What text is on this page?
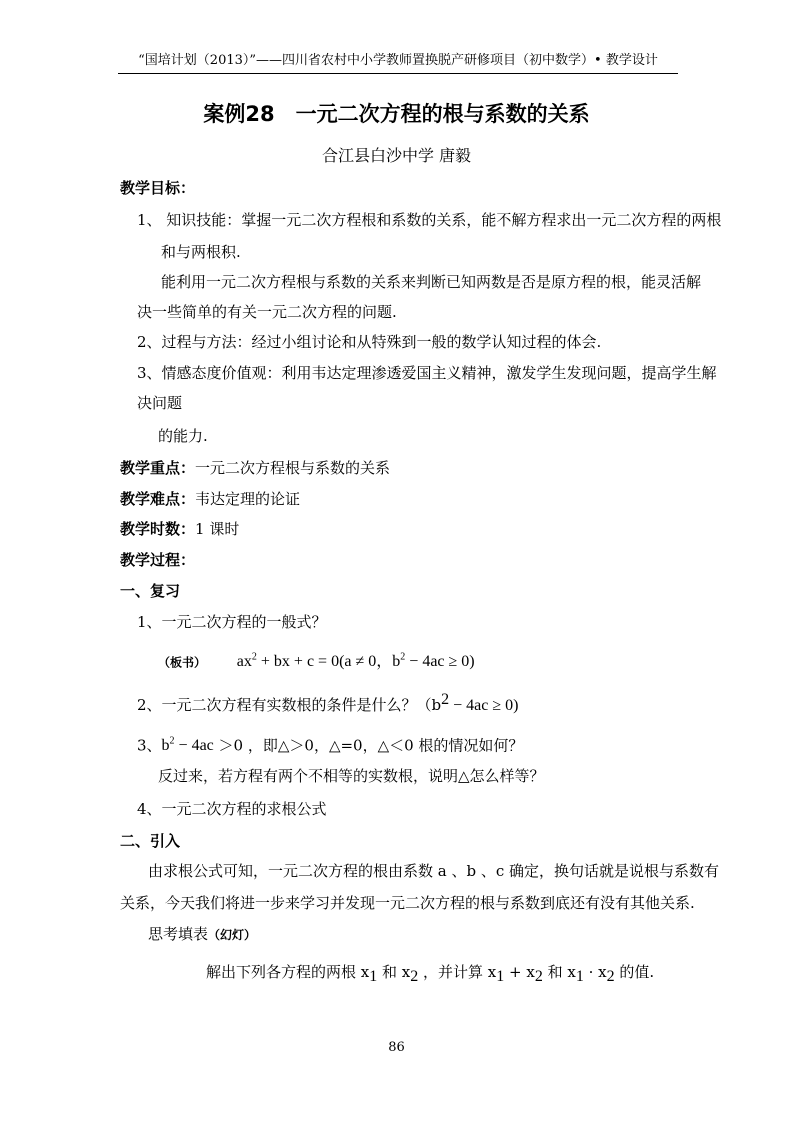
“国培计划（2013）”——四川省农村中小学教师置换脱产研修项目（初中数学）• 教学设计
案例28　一元二次方程的根与系数的关系
合江县白沙中学 唐毅
教学目标：
1、 知识技能：掌握一元二次方程根和系数的关系，能不解方程求出一元二次方程的两根
和与两根积.
能利用一元二次方程根与系数的关系来判断已知两数是否是原方程的根，能灵活解
决一些简单的有关一元二次方程的问题.
2、过程与方法：经过小组讨论和从特殊到一般的数学认知过程的体会.
3、情感态度价值观：利用韦达定理渗透爱国主义精神，激发学生发现问题，提高学生解
决问题
的能力.
教学重点：一元二次方程根与系数的关系
教学难点：韦达定理的论证
教学时数：1 课时
教学过程：
一、复习
1、一元二次方程的一般式？
（板书） $ax^2$ + bx + c = 0(a ≠ 0，$b^2 - 4ac \ge 0$)
2、一元二次方程有实数根的条件是什么？$(b^2 - 4ac \ge 0)$
3、$b^2 - 4ac >0$ ，即△＞0，△=0，△＜0 根的情况如何？
反过来，若方程有两个不相等的实数根，说明△怎么样等？
4、一元二次方程的求根公式
二、引入
由求根公式可知，一元二次方程的根由系数 a 、b 、c 确定，换句话就是说根与系数有
关系，今天我们将进一步来学习并发现一元二次方程的根与系数到底还有没有其他关系.
思考填表（幻灯）
解出下列各方程的两根 $x_1$ 和 $x_2$ ，并计算 $x_1 + x_2$ 和 $x_1 \cdot x_2$ 的值.
86
